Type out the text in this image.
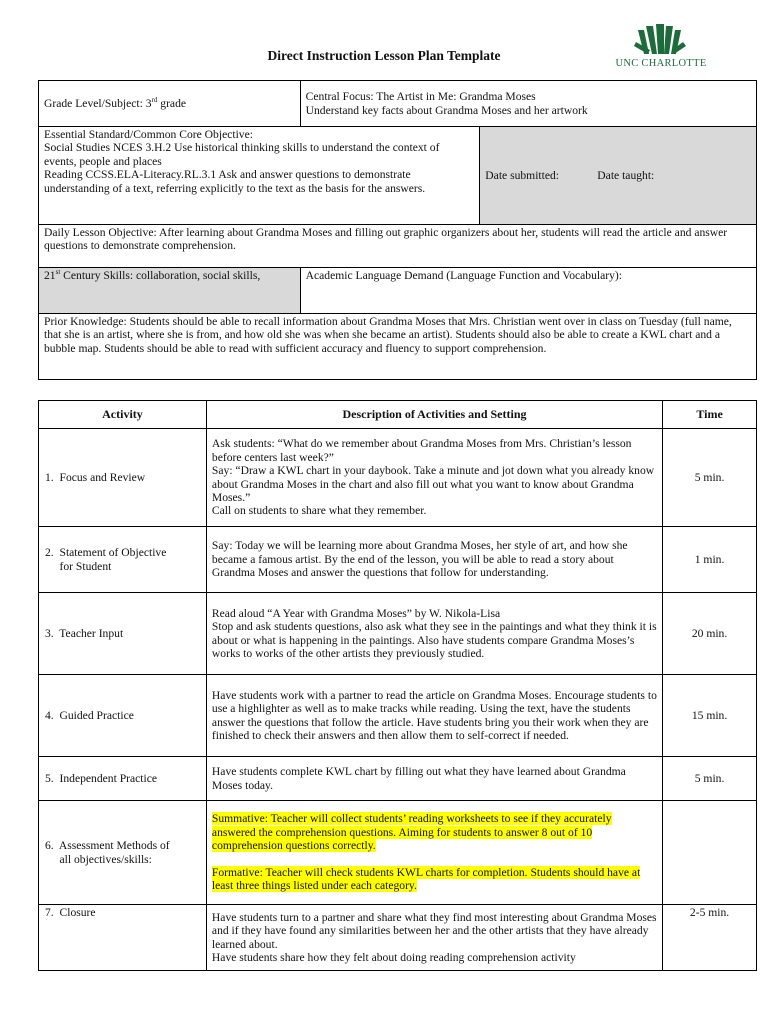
Direct Instruction Lesson Plan Template
UNC CHARLOTTE
Grade Level/Subject: 3rd grade	Central Focus: The Artist in Me: Grandma Moses
Understand key facts about Grandma Moses and her artwork	

Essential Standard/Common Core Objective:
Social Studies NCES 3.H.2 Use historical thinking skills to understand the context of events, people and places
Reading CCSS.ELA-Literacy.RL.3.1 Ask and answer questions to demonstrate understanding of a text, referring explicitly to the text as the basis for the answers.		Date submitted: Date taught:
Daily Lesson Objective: After learning about Grandma Moses and filling out graphic organizers about her, students will read the article and answer questions to demonstrate comprehension.		
21st Century Skills: collaboration, social skills,	Academic Language Demand (Language Function and Vocabulary):	
Prior Knowledge: Students should be able to recall information about Grandma Moses that Mrs. Christian went over in class on Tuesday (full name, that she is an artist, where she is from, and how old she was when she became an artist). Students should also be able to create a KWL chart and a bubble map. Students should be able to read with sufficient accuracy and fluency to support comprehension.		
Activity	Description of Activities and Setting	Time
1.  Focus and Review	Ask students: “What do we remember about Grandma Moses from Mrs. Christian’s lesson before centers last week?”
Say: “Draw a KWL chart in your daybook. Take a minute and jot down what you already know about Grandma Moses in the chart and also fill out what you want to know about Grandma Moses.”
Call on students to share what they remember.	5 min.
2.  Statement of Objective
for Student	Say: Today we will be learning more about Grandma Moses, her style of art, and how she became a famous artist. By the end of the lesson, you will be able to read a story about Grandma Moses and answer the questions that follow for understanding.	1 min.
3.  Teacher Input	Read aloud “A Year with Grandma Moses” by W. Nikola-Lisa
Stop and ask students questions, also ask what they see in the paintings and what they think it is about or what is happening in the paintings. Also have students compare Grandma Moses’s works to works of the other artists they previously studied.	20 min.
4.  Guided Practice	Have students work with a partner to read the article on Grandma Moses. Encourage students to use a highlighter as well as to make tracks while reading. Using the text, have the students answer the questions that follow the article. Have students bring you their work when they are finished to check their answers and then allow them to self-correct if needed.	15 min.
5.  Independent Practice	Have students complete KWL chart by filling out what they have learned about Grandma Moses today.	5 min.
6.  Assessment Methods of
all objectives/skills:	Summative: Teacher will collect students’ reading worksheets to see if they accurately answered the comprehension questions. Aiming for students to answer 8 out of 10 comprehension questions correctly.
Formative: Teacher will check students KWL charts for completion. Students should have at least three things listed under each category.	
7.  Closure	Have students turn to a partner and share what they find most interesting about Grandma Moses and if they have found any similarities between her and the other artists that they have already learned about.
Have students share how they felt about doing reading comprehension activity	2-5 min.
